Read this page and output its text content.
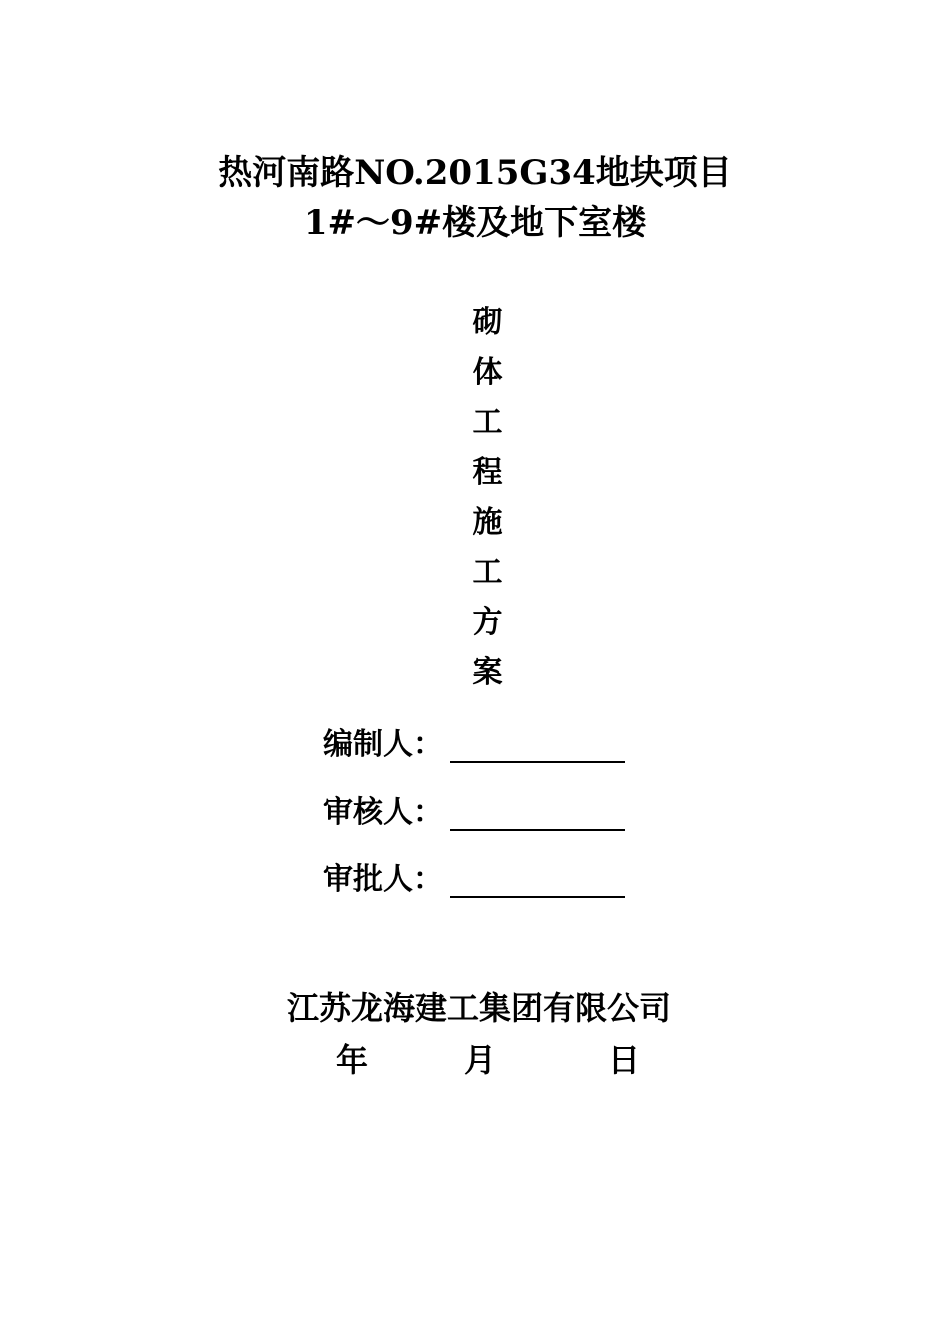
热河南路NO.2015G34地块项目
1#～9#楼及地下室楼
砌
体
工
程
施
工
方
案
编制人：
审核人：
审批人：
江苏龙海建工集团有限公司
年	月	日
